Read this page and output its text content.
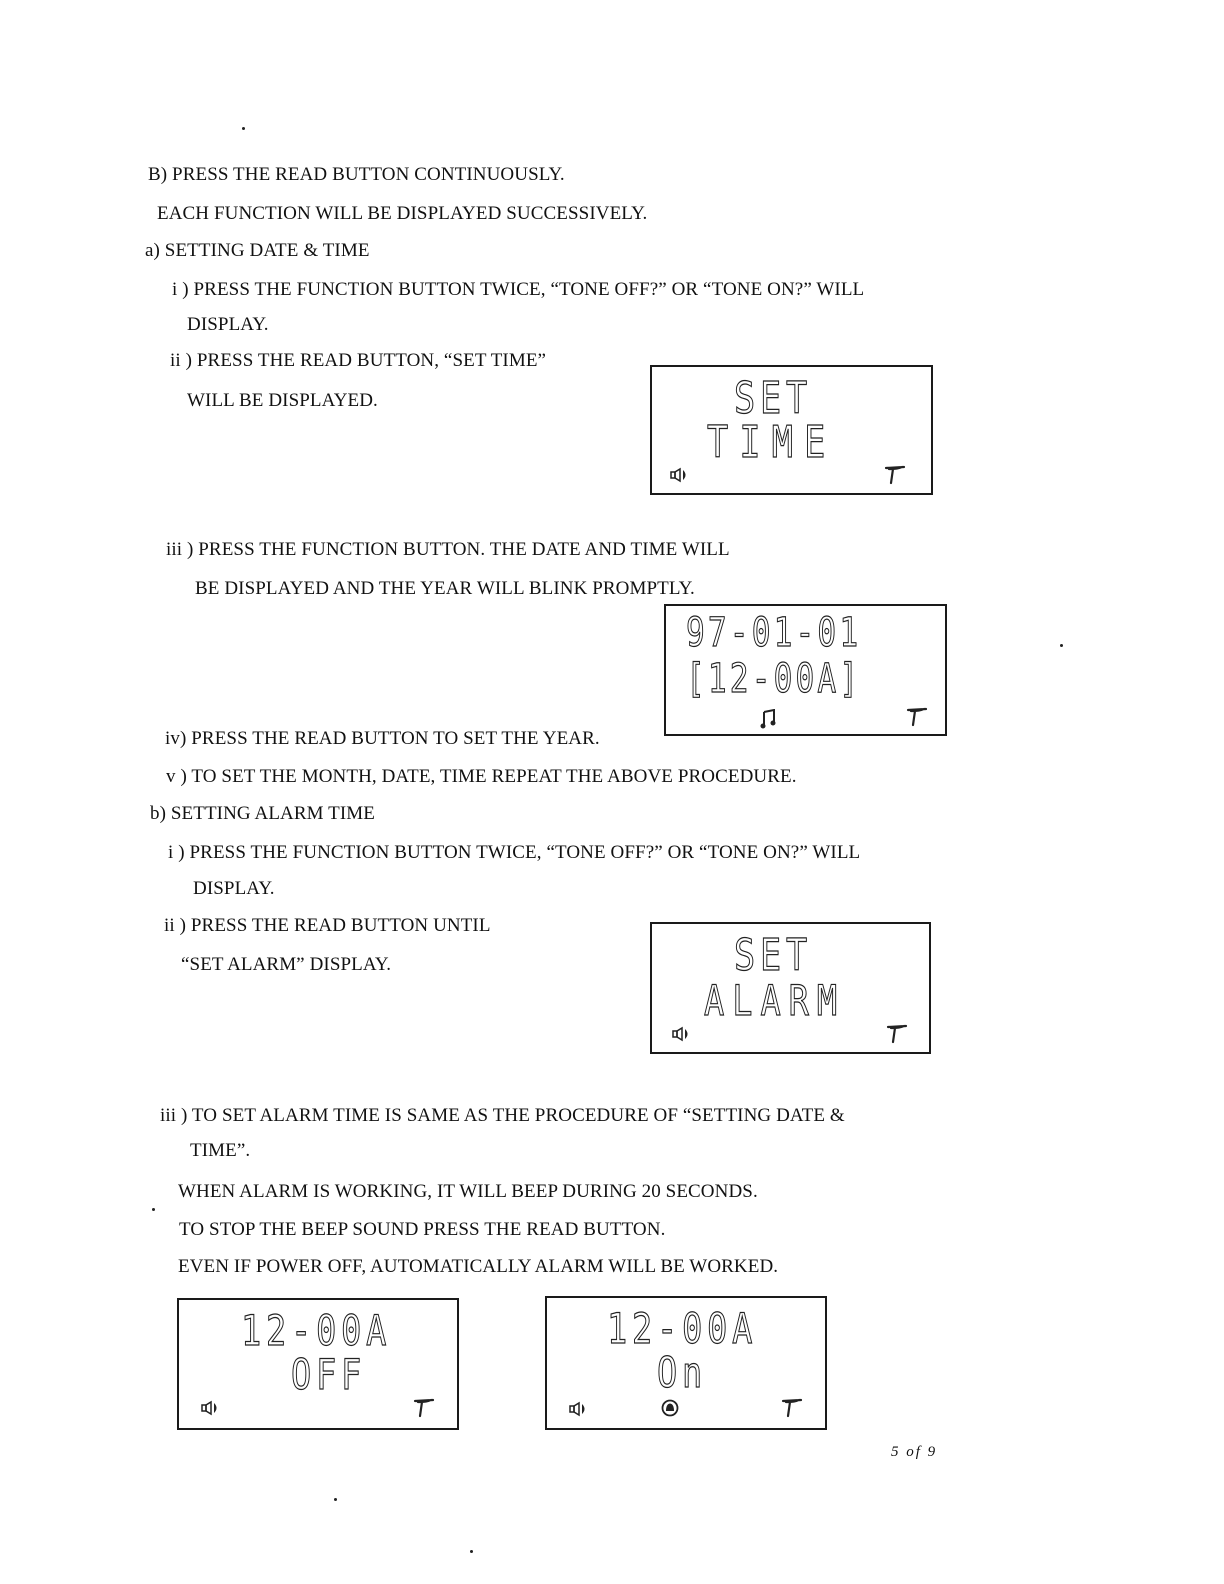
B) PRESS THE READ BUTTON CONTINUOUSLY.
EACH FUNCTION WILL BE DISPLAYED SUCCESSIVELY.
a) SETTING DATE & TIME
i ) PRESS THE FUNCTION BUTTON TWICE, “TONE OFF?” OR “TONE ON?” WILL
DISPLAY.
ii ) PRESS THE READ BUTTON, “SET TIME”
WILL BE DISPLAYED.	SET
TIME
iii ) PRESS THE FUNCTION BUTTON. THE DATE AND TIME WILL
BE DISPLAYED AND THE YEAR WILL BLINK PROMPTLY.
97-01-01
[12-00A]
iv) PRESS THE READ BUTTON TO SET THE YEAR.
v ) TO SET THE MONTH, DATE, TIME REPEAT THE ABOVE PROCEDURE.
b) SETTING ALARM TIME
i ) PRESS THE FUNCTION BUTTON TWICE, “TONE OFF?” OR “TONE ON?” WILL
DISPLAY.
ii ) PRESS THE READ BUTTON UNTIL
“SET ALARM” DISPLAY.	SET
ALARM
iii ) TO SET ALARM TIME IS SAME AS THE PROCEDURE OF “SETTING DATE &
TIME”.
WHEN ALARM IS WORKING, IT WILL BEEP DURING 20 SECONDS.
TO STOP THE BEEP SOUND PRESS THE READ BUTTON.
EVEN IF POWER OFF, AUTOMATICALLY ALARM WILL BE WORKED.
12-00A
OFF
12-00A
On
5 of 9
